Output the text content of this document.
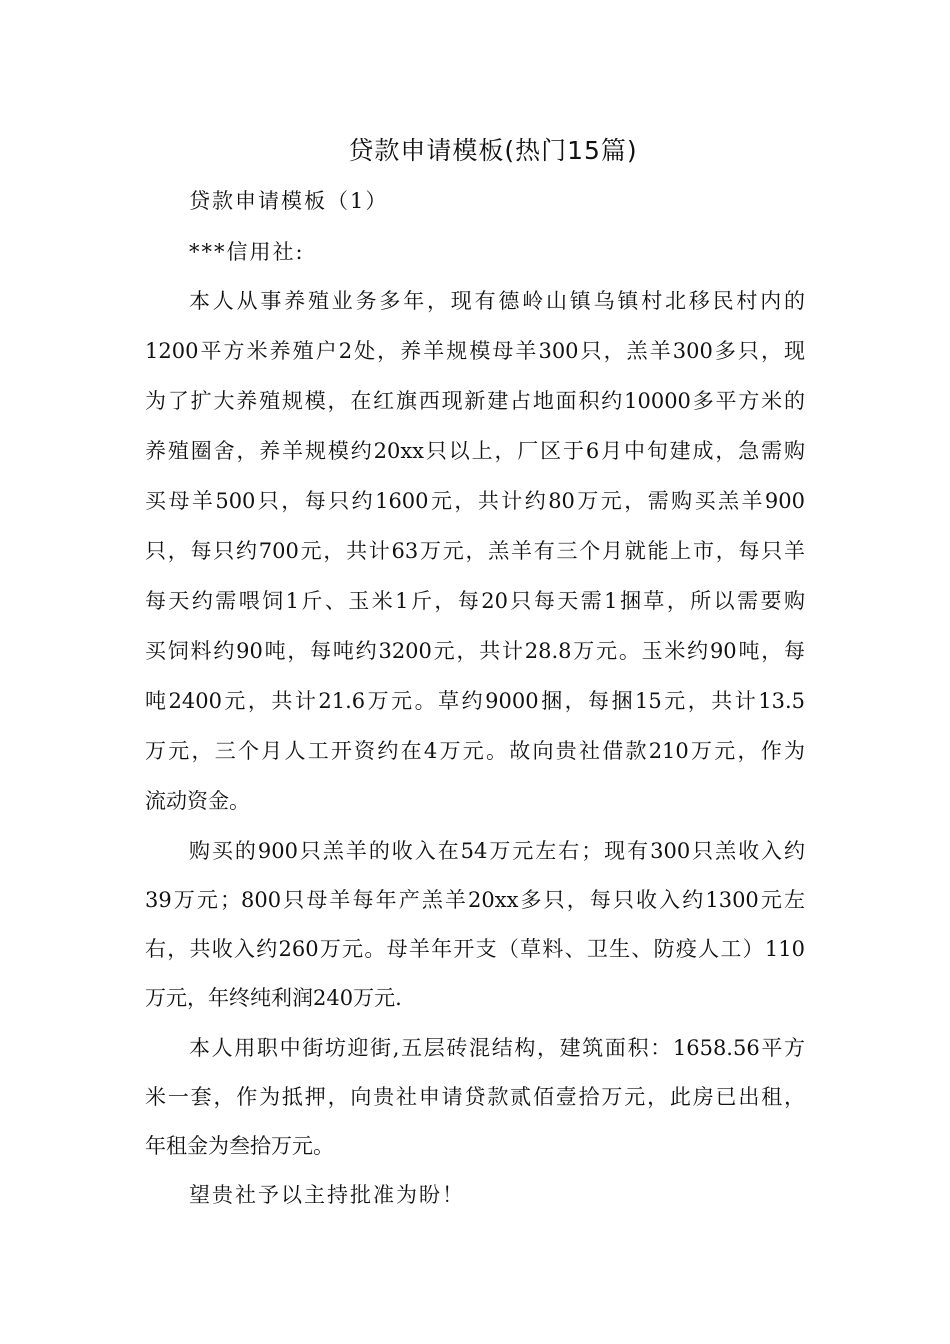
贷款申请模板(热门15篇)
贷款申请模板（1）
***信用社:
本人从事养殖业务多年，现有德岭山镇乌镇村北移民村内的
1200平方米养殖户2处，养羊规模母羊300只，羔羊300多只，现
为了扩大养殖规模，在红旗西现新建占地面积约10000多平方米的
养殖圈舍，养羊规模约20xx只以上，厂区于6月中旬建成，急需购
买母羊500只，每只约1600元，共计约80万元，需购买羔羊900
只，每只约700元，共计63万元，羔羊有三个月就能上市，每只羊
每天约需喂饲1斤、玉米1斤，每20只每天需1捆草，所以需要购
买饲料约90吨，每吨约3200元，共计28.8万元。玉米约90吨，每
吨2400元，共计21.6万元。草约9000捆，每捆15元，共计13.5
万元，三个月人工开资约在4万元。故向贵社借款210万元，作为
流动资金。
购买的900只羔羊的收入在54万元左右；现有300只羔收入约
39万元；800只母羊每年产羔羊20xx多只，每只收入约1300元左
右，共收入约260万元。母羊年开支（草料、卫生、防疫人工）110
万元，年终纯利润240万元.
本人用职中街坊迎街,五层砖混结构，建筑面积：1658.56平方
米一套，作为抵押，向贵社申请贷款贰佰壹拾万元，此房已出租，
年租金为叁拾万元。
望贵社予以主持批准为盼！
